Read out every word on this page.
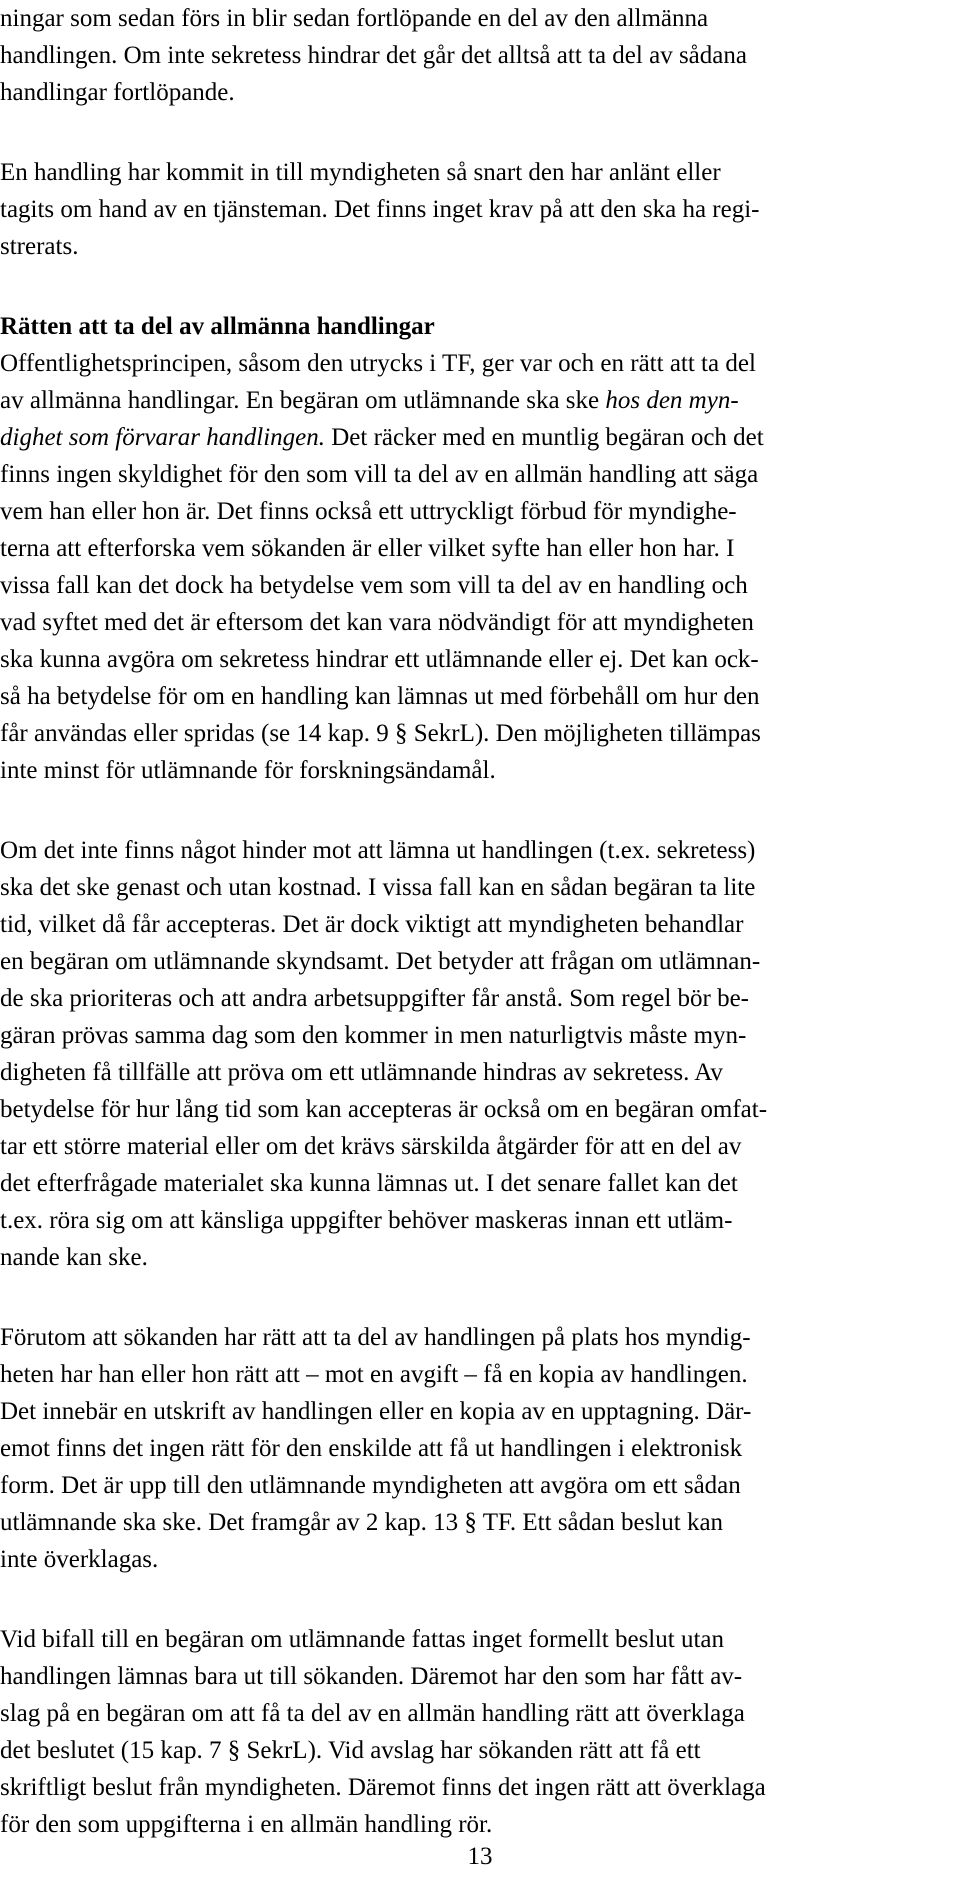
ningar som sedan förs in blir sedan fortlöpande en del av den allmänna
handlingen. Om inte sekretess hindrar det går det alltså att ta del av sådana
handlingar fortlöpande.

En handling har kommit in till myndigheten så snart den har anlänt eller
tagits om hand av en tjänsteman. Det finns inget krav på att den ska ha regi-
strerats.

Rätten att ta del av allmänna handlingar

Offentlighetsprincipen, såsom den utrycks i TF, ger var och en rätt att ta del
av allmänna handlingar. En begäran om utlämnande ska ske hos den myn-
dighet som förvarar handlingen. Det räcker med en muntlig begäran och det
finns ingen skyldighet för den som vill ta del av en allmän handling att säga
vem han eller hon är. Det finns också ett uttryckligt förbud för myndighe-
terna att efterforska vem sökanden är eller vilket syfte han eller hon har. I
vissa fall kan det dock ha betydelse vem som vill ta del av en handling och
vad syftet med det är eftersom det kan vara nödvändigt för att myndigheten
ska kunna avgöra om sekretess hindrar ett utlämnande eller ej. Det kan ock-
så ha betydelse för om en handling kan lämnas ut med förbehåll om hur den
får användas eller spridas (se 14 kap. 9 § SekrL). Den möjligheten tillämpas
inte minst för utlämnande för forskningsändamål.

Om det inte finns något hinder mot att lämna ut handlingen (t.ex. sekretess)
ska det ske genast och utan kostnad. I vissa fall kan en sådan begäran ta lite
tid, vilket då får accepteras. Det är dock viktigt att myndigheten behandlar
en begäran om utlämnande skyndsamt. Det betyder att frågan om utlämnan-
de ska prioriteras och att andra arbetsuppgifter får anstå. Som regel bör be-
gäran prövas samma dag som den kommer in men naturligtvis måste myn-
digheten få tillfälle att pröva om ett utlämnande hindras av sekretess. Av
betydelse för hur lång tid som kan accepteras är också om en begäran omfat-
tar ett större material eller om det krävs särskilda åtgärder för att en del av
det efterfrågade materialet ska kunna lämnas ut. I det senare fallet kan det
t.ex. röra sig om att känsliga uppgifter behöver maskeras innan ett utläm-
nande kan ske.

Förutom att sökanden har rätt att ta del av handlingen på plats hos myndig-
heten har han eller hon rätt att – mot en avgift – få en kopia av handlingen.
Det innebär en utskrift av handlingen eller en kopia av en upptagning. Där-
emot finns det ingen rätt för den enskilde att få ut handlingen i elektronisk
form. Det är upp till den utlämnande myndigheten att avgöra om ett sådan
utlämnande ska ske. Det framgår av 2 kap. 13 § TF. Ett sådan beslut kan
inte överklagas.

Vid bifall till en begäran om utlämnande fattas inget formellt beslut utan
handlingen lämnas bara ut till sökanden. Däremot har den som har fått av-
slag på en begäran om att få ta del av en allmän handling rätt att överklaga
det beslutet (15 kap. 7 § SekrL). Vid avslag har sökanden rätt att få ett
skriftligt beslut från myndigheten. Däremot finns det ingen rätt att överklaga
för den som uppgifterna i en allmän handling rör.

13
